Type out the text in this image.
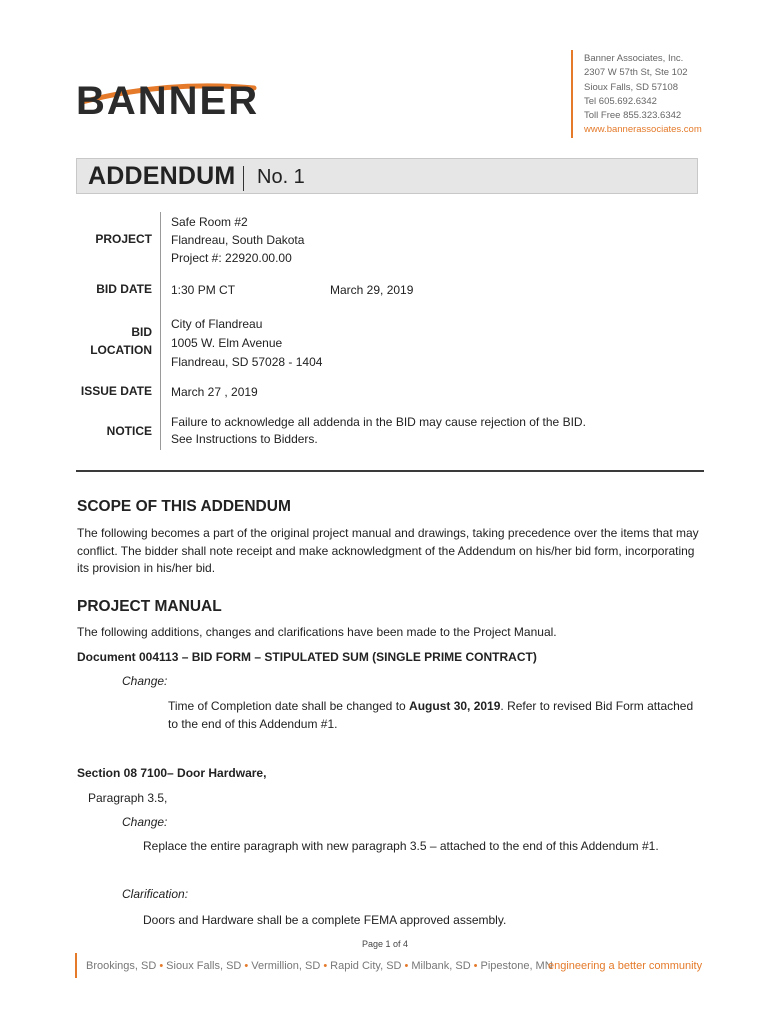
BANNER
Banner Associates, Inc.
2307 W 57th St, Ste 102
Sioux Falls, SD 57108
Tel 605.692.6342
Toll Free 855.323.6342
www.bannerassociates.com
ADDENDUM No. 1
PROJECT
Safe Room #2
Flandreau, South Dakota
Project #: 22920.00.00
BID DATE 1:30 PM CT	March 29, 2019
BID
LOCATION
City of Flandreau
1005 W. Elm Avenue
Flandreau, SD 57028 - 1404
ISSUE DATE March 27 , 2019
NOTICE
Failure to acknowledge all addenda in the BID may cause rejection of the BID.
See Instructions to Bidders.
SCOPE OF THIS ADDENDUM
The following becomes a part of the original project manual and drawings, taking precedence over the items that may
conflict. The bidder shall note receipt and make acknowledgment of the Addendum on his/her bid form, incorporating
its provision in his/her bid.
PROJECT MANUAL
The following additions, changes and clarifications have been made to the Project Manual.
Document 004113 – BID FORM – STIPULATED SUM (SINGLE PRIME CONTRACT)
Change:
Time of Completion date shall be changed to August 30, 2019. Refer to revised Bid Form attached
to the end of this Addendum #1.
Section 08 7100– Door Hardware,
Paragraph 3.5,
Change:
Replace the entire paragraph with new paragraph 3.5 – attached to the end of this Addendum #1.
Clarification:
Doors and Hardware shall be a complete FEMA approved assembly.
Page 1 of 4
Brookings, SD • Sioux Falls, SD • Vermillion, SD • Rapid City, SD • Milbank, SD • Pipestone, MN
engineering a better community
